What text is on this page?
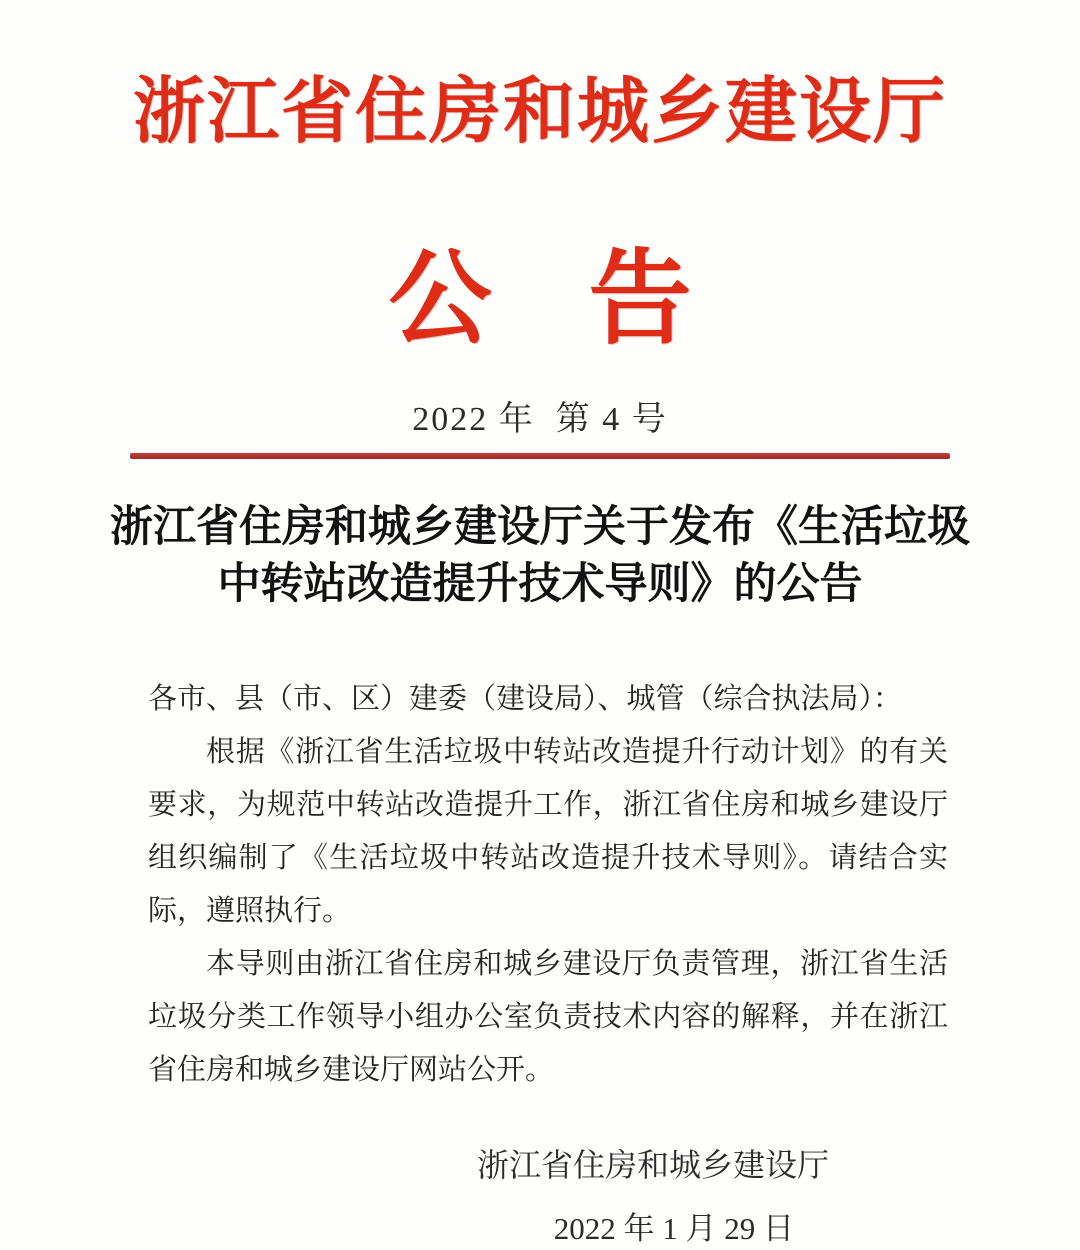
浙江省住房和城乡建设厅
公 告
2022 年  第 4 号
浙江省住房和城乡建设厅关于发布《生活垃圾
中转站改造提升技术导则》的公告
各市、县（市、区）建委（建设局）、城管（综合执法局）：
根据《浙江省生活垃圾中转站改造提升行动计划》的有关
要求，为规范中转站改造提升工作，浙江省住房和城乡建设厅
组织编制了《生活垃圾中转站改造提升技术导则》。请结合实
际，遵照执行。
本导则由浙江省住房和城乡建设厅负责管理，浙江省生活
垃圾分类工作领导小组办公室负责技术内容的解释，并在浙江
省住房和城乡建设厅网站公开。
浙江省住房和城乡建设厅
2022 年 1 月 29 日
